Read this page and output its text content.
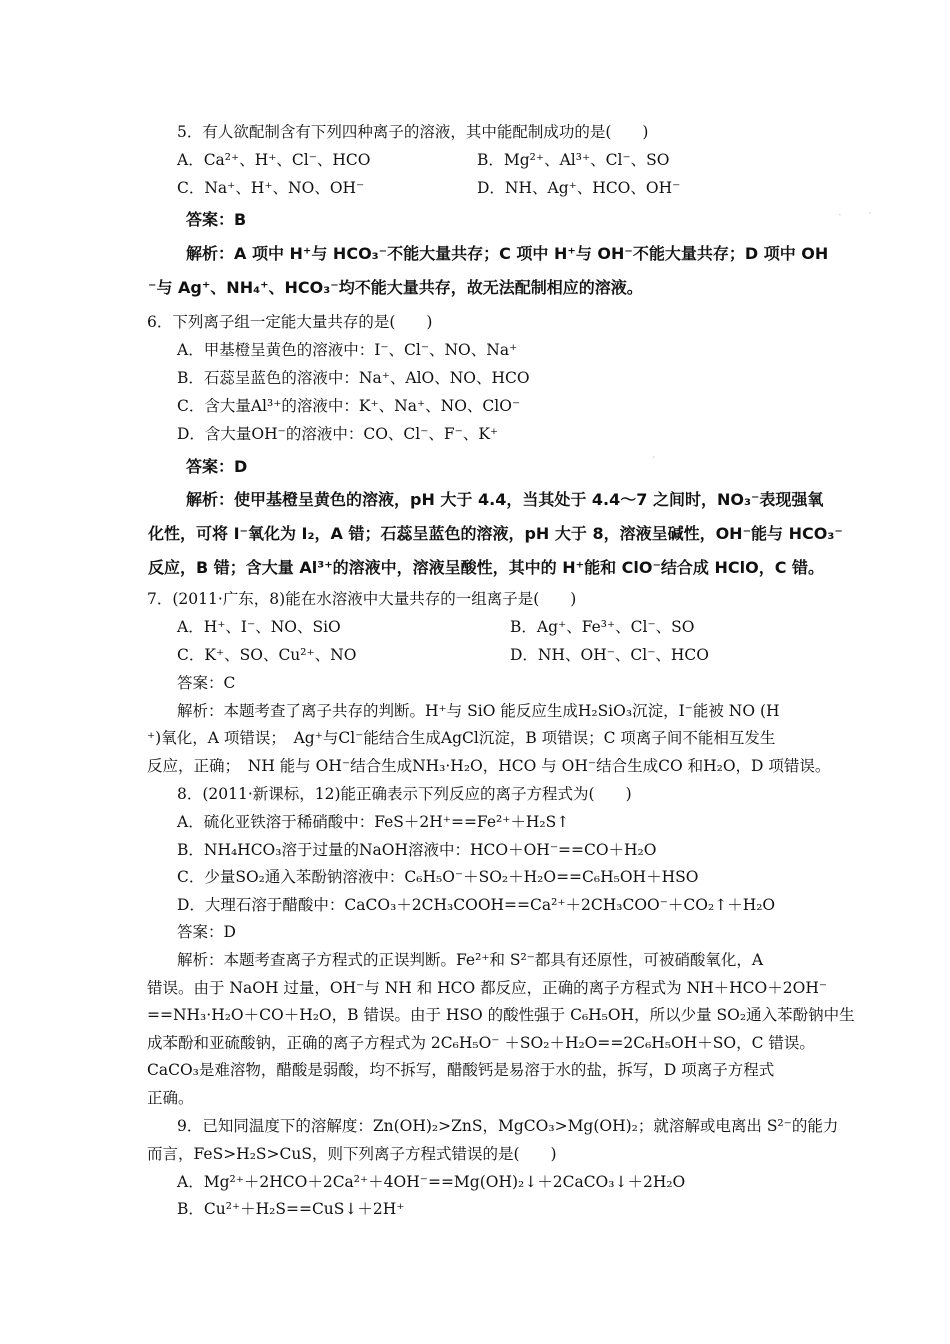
5．有人欲配制含有下列四种离子的溶液，其中能配制成功的是(　　)
A．Ca²⁺、H⁺、Cl⁻、HCO	B．Mg²⁺、Al³⁺、Cl⁻、SO
C．Na⁺、H⁺、NO、OH⁻	D．NH、Ag⁺、HCO、OH⁻
答案：B
解析：A 项中 H⁺与 HCO₃⁻不能大量共存；C 项中 H⁺与 OH⁻不能大量共存；D 项中 OH
⁻与 Ag⁺、NH₄⁺、HCO₃⁻均不能大量共存，故无法配制相应的溶液。
6．下列离子组一定能大量共存的是(　　)
A．甲基橙呈黄色的溶液中：I⁻、Cl⁻、NO、Na⁺
B．石蕊呈蓝色的溶液中：Na⁺、AlO、NO、HCO
C．含大量Al³⁺的溶液中：K⁺、Na⁺、NO、ClO⁻
D．含大量OH⁻的溶液中：CO、Cl⁻、F⁻、K⁺
答案：D
解析：使甲基橙呈黄色的溶液，pH 大于 4.4，当其处于 4.4～7 之间时，NO₃⁻表现强氧
化性，可将 I⁻氧化为 I₂，A 错；石蕊呈蓝色的溶液，pH 大于 8，溶液呈碱性，OH⁻能与 HCO₃⁻
反应，B 错；含大量 Al³⁺的溶液中，溶液呈酸性，其中的 H⁺能和 ClO⁻结合成 HClO，C 错。
7．(2011·广东，8)能在水溶液中大量共存的一组离子是(　　)
A．H⁺、I⁻、NO、SiO	B．Ag⁺、Fe³⁺、Cl⁻、SO
C．K⁺、SO、Cu²⁺、NO	D．NH、OH⁻、Cl⁻、HCO
答案：C
解析：本题考查了离子共存的判断。H⁺与 SiO 能反应生成H₂SiO₃沉淀，I⁻能被 NO (H
⁺)氧化，A 项错误；　Ag⁺与Cl⁻能结合生成AgCl沉淀，B 项错误；C 项离子间不能相互发生
反应，正确；　NH 能与 OH⁻结合生成NH₃·H₂O，HCO 与 OH⁻结合生成CO 和H₂O，D 项错误。
8．(2011·新课标，12)能正确表示下列反应的离子方程式为(　　)
A．硫化亚铁溶于稀硝酸中：FeS＋2H⁺==Fe²⁺＋H₂S↑
B．NH₄HCO₃溶于过量的NaOH溶液中：HCO＋OH⁻==CO＋H₂O
C．少量SO₂通入苯酚钠溶液中：C₆H₅O⁻＋SO₂＋H₂O==C₆H₅OH＋HSO
D．大理石溶于醋酸中：CaCO₃＋2CH₃COOH==Ca²⁺＋2CH₃COO⁻＋CO₂↑＋H₂O
答案：D
解析：本题考查离子方程式的正误判断。Fe²⁺和 S²⁻都具有还原性，可被硝酸氧化，A
错误。由于 NaOH 过量，OH⁻与 NH 和 HCO 都反应，正确的离子方程式为 NH＋HCO＋2OH⁻
==NH₃·H₂O＋CO＋H₂O，B 错误。由于 HSO 的酸性强于 C₆H₅OH，所以少量 SO₂通入苯酚钠中生
成苯酚和亚硫酸钠，正确的离子方程式为 2C₆H₅O⁻ ＋SO₂＋H₂O==2C₆H₅OH＋SO，C 错误。
CaCO₃是难溶物，醋酸是弱酸，均不拆写，醋酸钙是易溶于水的盐，拆写，D 项离子方程式
正确。
9．已知同温度下的溶解度：Zn(OH)₂>ZnS，MgCO₃>Mg(OH)₂；就溶解或电离出 S²⁻的能力
而言，FeS>H₂S>CuS，则下列离子方程式错误的是(　　)
A．Mg²⁺＋2HCO＋2Ca²⁺＋4OH⁻==Mg(OH)₂↓＋2CaCO₃↓＋2H₂O
B．Cu²⁺＋H₂S==CuS↓＋2H⁺
· ·
ˊ
